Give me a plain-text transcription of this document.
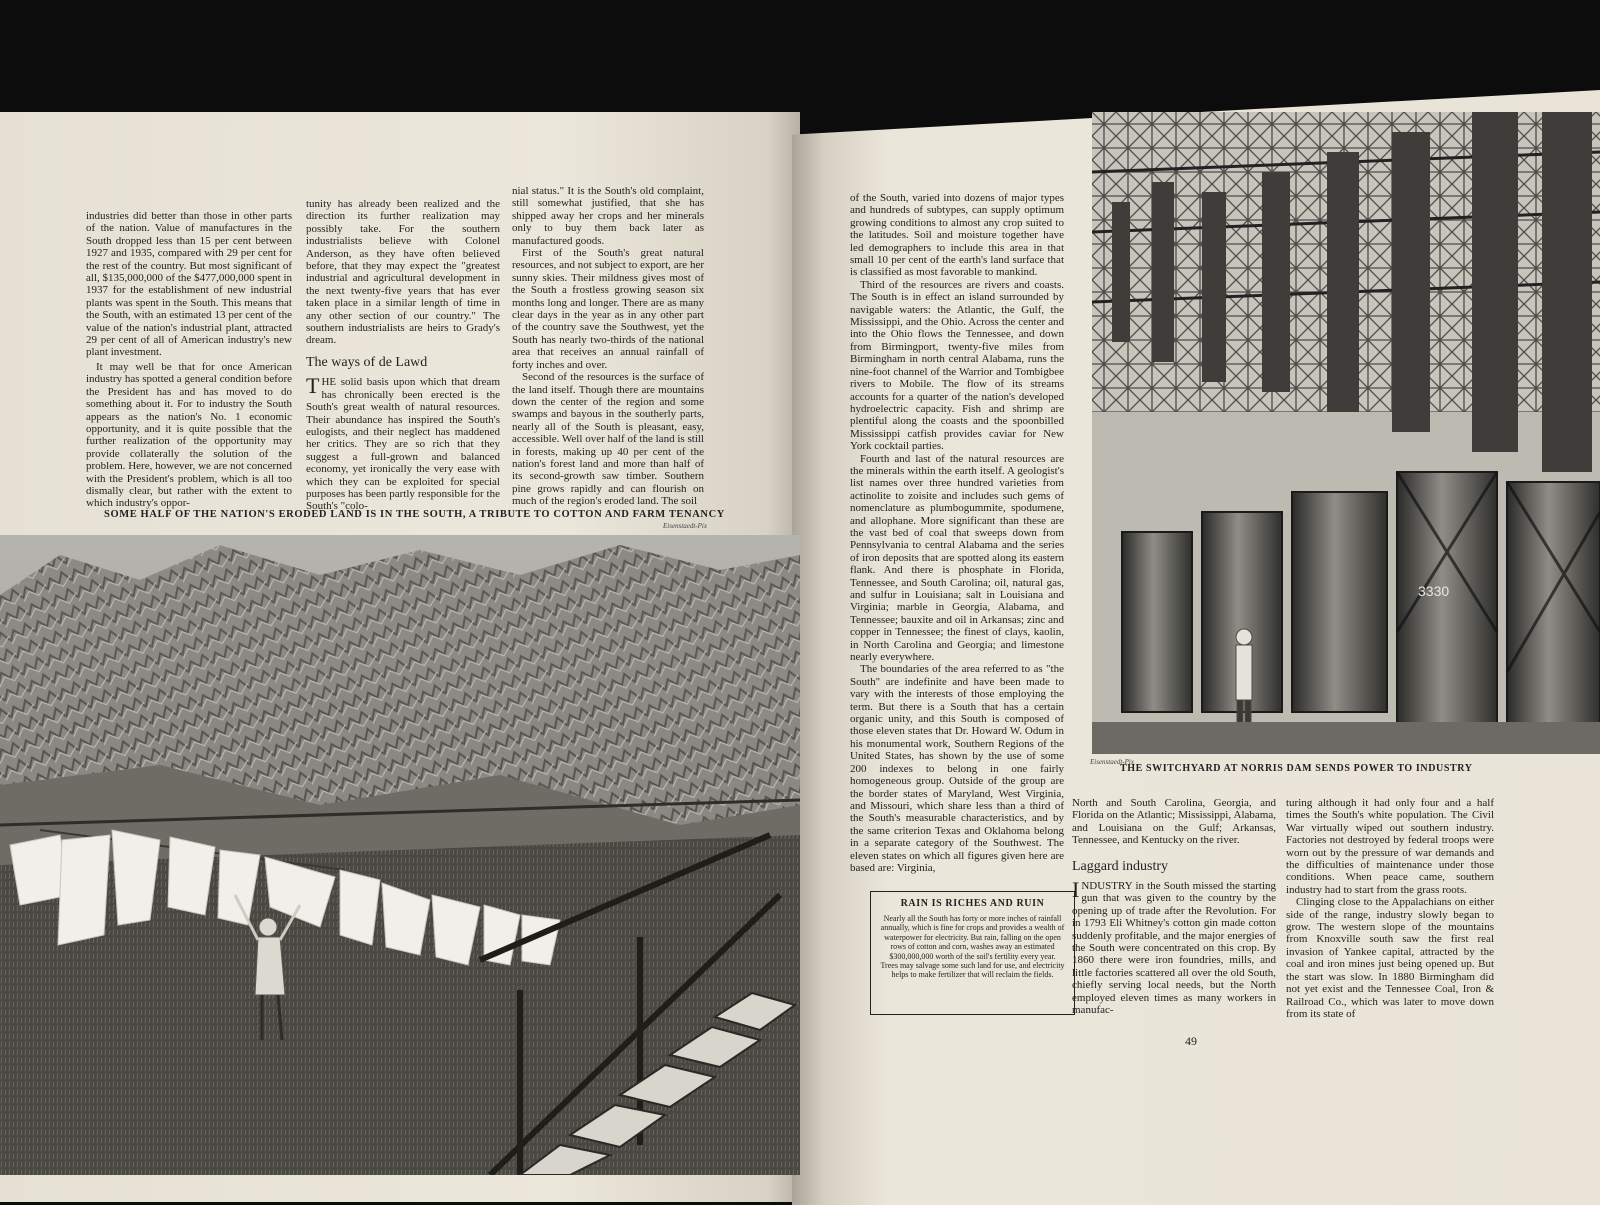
industries did better than those in other parts of the nation. Value of manufactures in the South dropped less than 15 per cent between 1927 and 1935, compared with 29 per cent for the rest of the country. But most significant of all, $135,000,000 of the $477,000,000 spent in 1937 for the establishment of new industrial plants was spent in the South. This means that the South, with an estimated 13 per cent of the value of the nation's industrial plant, attracted 29 per cent of all of American industry's new plant investment.

It may well be that for once American industry has spotted a general condition before the President has and has moved to do something about it. For to industry the South appears as the nation's No. 1 economic opportunity, and it is quite possible that the further realization of the opportunity may provide collaterally the solution of the problem. Here, however, we are not concerned with the President's problem, which is all too dismally clear, but rather with the extent to which industry's oppor-

tunity has already been realized and the direction its further realization may possibly take. For the southern industrialists believe with Colonel Anderson, as they have often believed before, that they may expect the "greatest industrial and agricultural development in the next twenty-five years that has ever taken place in a similar length of time in any other section of our country." The southern industrialists are heirs to Grady's dream.

The ways of de Lawd

THE solid basis upon which that dream has chronically been erected is the South's great wealth of natural resources. Their abundance has inspired the South's eulogists, and their neglect has maddened her critics. They are so rich that they suggest a full-grown and balanced economy, yet ironically the very ease with which they can be exploited for special purposes has been partly responsible for the South's "colo-

nial status." It is the South's old complaint, still somewhat justified, that she has shipped away her crops and her minerals only to buy them back later as manufactured goods.

First of the South's great natural resources, and not subject to export, are her sunny skies. Their mildness gives most of the South a frostless growing season six months long and longer. There are as many clear days in the year as in any other part of the country save the Southwest, yet the South has nearly two-thirds of the national area that receives an annual rainfall of forty inches and over.

Second of the resources is the surface of the land itself. Though there are mountains down the center of the region and some swamps and bayous in the southerly parts, nearly all of the South is pleasant, easy, accessible. Well over half of the land is still in forests, making up 40 per cent of the nation's forest land and more than half of its second-growth saw timber. Southern pine grows rapidly and can flourish on much of the region's eroded land. The soil

SOME HALF OF THE NATION'S ERODED LAND IS IN THE SOUTH, A TRIBUTE TO COTTON AND FARM TENANCY
Eisenstaedt-Pix

of the South, varied into dozens of major types and hundreds of subtypes, can supply optimum growing conditions to almost any crop suited to the latitudes. Soil and moisture together have led demographers to include this area in that small 10 per cent of the earth's land surface that is classified as most favorable to mankind.

Third of the resources are rivers and coasts. The South is in effect an island surrounded by navigable waters: the Atlantic, the Gulf, the Mississippi, and the Ohio. Across the center and into the Ohio flows the Tennessee, and down from Birmingport, twenty-five miles from Birmingham in north central Alabama, runs the nine-foot channel of the Warrior and Tombigbee rivers to Mobile. The flow of its streams accounts for a quarter of the nation's developed hydroelectric capacity. Fish and shrimp are plentiful along the coasts and the spoonbilled Mississippi catfish provides caviar for New York cocktail parties.

Fourth and last of the natural resources are the minerals within the earth itself. A geologist's list names over three hundred varieties from actinolite to zoisite and includes such gems of nomenclature as plumbogummite, spodumene, and allophane. More significant than these are the vast bed of coal that sweeps down from Pennsylvania to central Alabama and the series of iron deposits that are spotted along its eastern flank. And there is phosphate in Florida, Tennessee, and South Carolina; oil, natural gas, and sulfur in Louisiana; salt in Louisiana and Virginia; marble in Georgia, Alabama, and Tennessee; bauxite and oil in Arkansas; zinc and copper in Tennessee; the finest of clays, kaolin, in North Carolina and Georgia; and limestone nearly everywhere.

The boundaries of the area referred to as "the South" are indefinite and have been made to vary with the interests of those employing the term. But there is a South that has a certain organic unity, and this South is composed of those eleven states that Dr. Howard W. Odum in his monumental work, Southern Regions of the United States, has shown by the use of some 200 indexes to belong in one fairly homogeneous group. Outside of the group are the border states of Maryland, West Virginia, and Missouri, which share less than a third of the South's measurable characteristics, and by the same criterion Texas and Oklahoma belong in a separate category of the Southwest. The eleven states on which all figures given here are based are: Virginia,

North and South Carolina, Georgia, and Florida on the Atlantic; Mississippi, Alabama, and Louisiana on the Gulf; Arkansas, Tennessee, and Kentucky on the river.

Laggard industry

INDUSTRY in the South missed the starting gun that was given to the country by the opening up of trade after the Revolution. For in 1793 Eli Whitney's cotton gin made cotton suddenly profitable, and the major energies of the South were concentrated on this crop. By 1860 there were iron foundries, mills, and little factories scattered all over the old South, chiefly serving local needs, but the North employed eleven times as many workers in manufac-

turing although it had only four and a half times the South's white population. The Civil War virtually wiped out southern industry. Factories not destroyed by federal troops were worn out by the pressure of war demands and the difficulties of maintenance under those conditions. When peace came, southern industry had to start from the grass roots.

Clinging close to the Appalachians on either side of the range, industry slowly began to grow. The western slope of the mountains from Knoxville south saw the first real invasion of Yankee capital, attracted by the coal and iron mines just being opened up. But the start was slow. In 1880 Birmingham did not yet exist and the Tennessee Coal, Iron & Railroad Co., which was later to move down from its state of

RAIN IS RICHES AND RUIN
Nearly all the South has forty or more inches of rainfall annually, which is fine for crops and provides a wealth of waterpower for electricity. But rain, falling on the open rows of cotton and corn, washes away an estimated $300,000,000 worth of the soil's fertility every year. Trees may salvage some such land for use, and electricity helps to make fertilizer that will reclaim the fields.
Eisenstaedt-Pix
THE SWITCHYARD AT NORRIS DAM SENDS POWER TO INDUSTRY
49
3330
